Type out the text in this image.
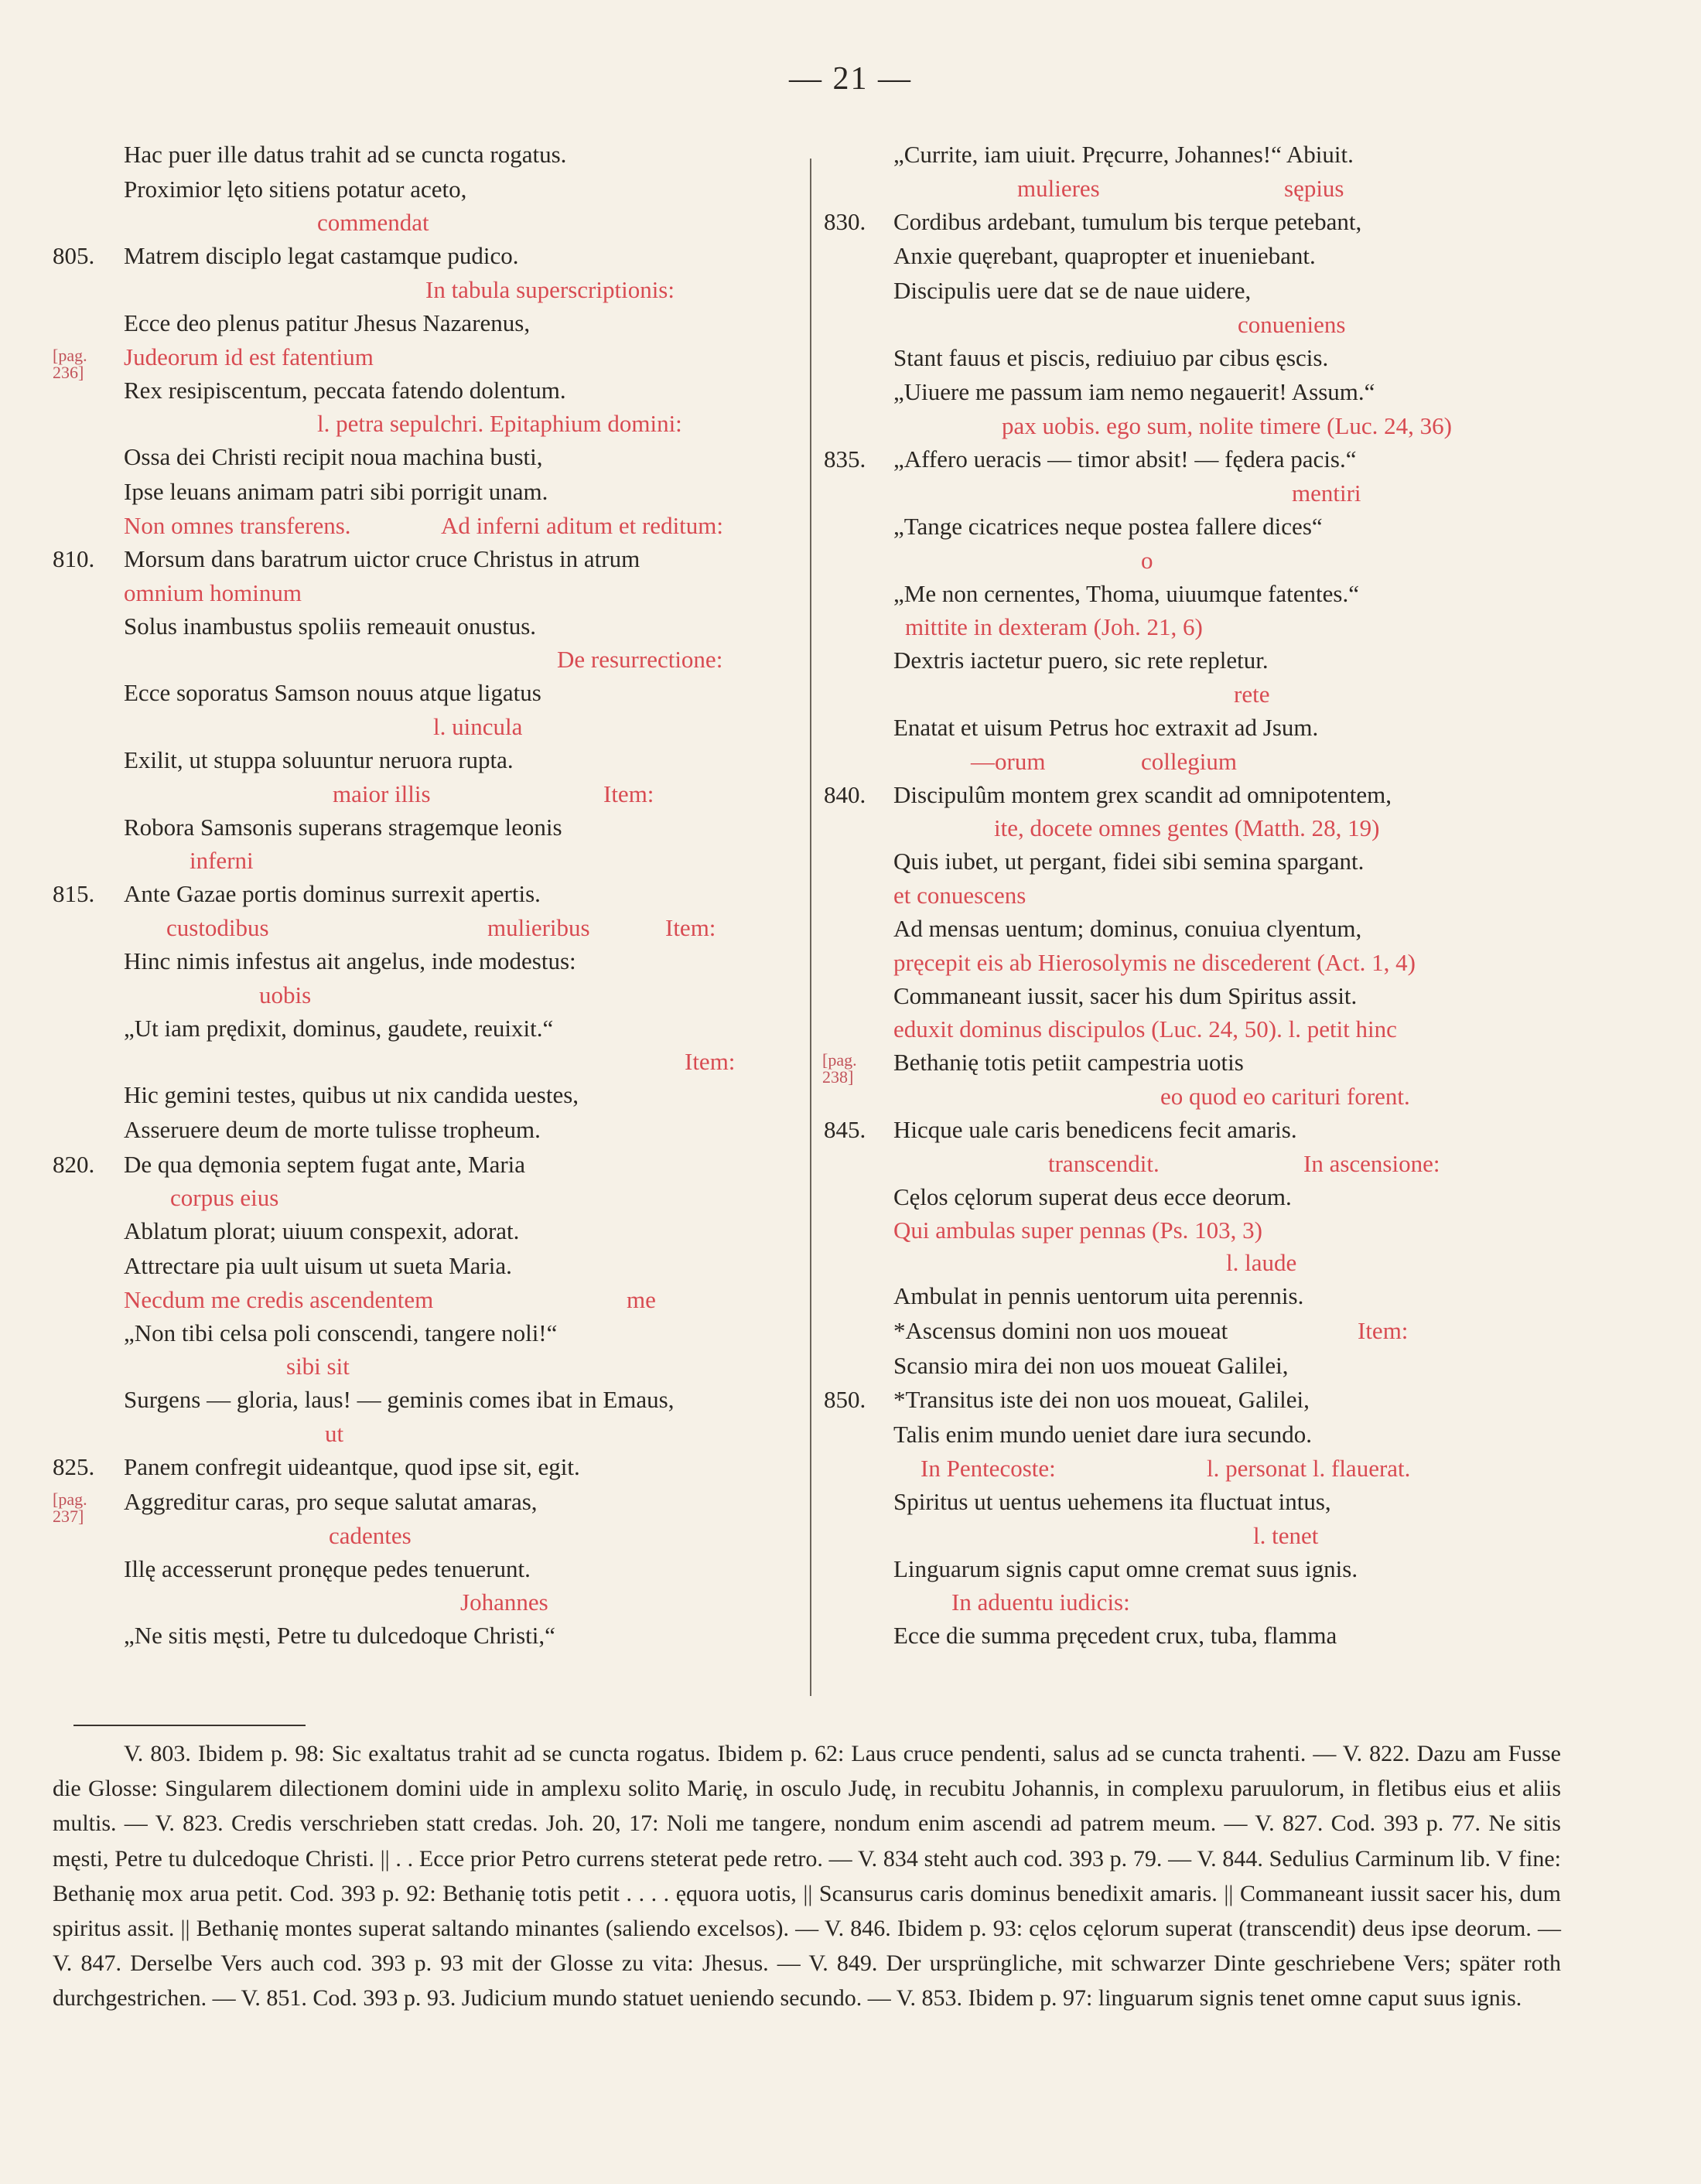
— 21 —
Hac puer ille datus trahit ad se cuncta rogatus.
Proximior lęto sitiens potatur aceto,
commendat
805.	Matrem disciplo legat castamque pudico.
In tabula superscriptionis:
Ecce deo plenus patitur Jhesus Nazarenus,
[pag.
236]
Judeorum id est fatentium
Rex resipiscentum, peccata fatendo dolentum.
l. petra sepulchri. Epitaphium domini:
Ossa dei Christi recipit noua machina busti,
Ipse leuans animam patri sibi porrigit unam.
Non omnes transferens.	Ad inferni aditum et reditum:
810.	Morsum dans baratrum uictor cruce Christus in atrum
omnium hominum
Solus inambustus spoliis remeauit onustus.
De resurrectione:
Ecce soporatus Samson nouus atque ligatus
l. uincula
Exilit, ut stuppa soluuntur neruora rupta.
maior illis	Item:
Robora Samsonis superans stragemque leonis
inferni
815.	Ante Gazae portis dominus surrexit apertis.
custodibus	mulieribus	Item:
Hinc nimis infestus ait angelus, inde modestus:
uobis
„Ut iam prędixit, dominus, gaudete, reuixit.“
Item:
Hic gemini testes, quibus ut nix candida uestes,
Asseruere deum de morte tulisse tropheum.
820.	De qua dęmonia septem fugat ante, Maria
corpus eius
Ablatum plorat; uiuum conspexit, adorat.
Attrectare pia uult uisum ut sueta Maria.
Necdum me credis ascendentem	me
„Non tibi celsa poli conscendi, tangere noli!“
sibi sit
Surgens — gloria, laus! — geminis comes ibat in Emaus,
ut
825.	Panem confregit uideantque, quod ipse sit, egit.
[pag.
237]
Aggreditur caras, pro seque salutat amaras,
cadentes
Illę accesserunt pronęque pedes tenuerunt.
Johannes
„Ne sitis męsti, Petre tu dulcedoque Christi,“
„Currite, iam uiuit. Pręcurre, Johannes!“ Abiuit.
mulieres	sępius
830.	Cordibus ardebant, tumulum bis terque petebant,
Anxie quęrebant, quapropter et inueniebant.
Discipulis uere dat se de naue uidere,
conueniens
Stant fauus et piscis, rediuiuo par cibus ęscis.
„Uiuere me passum iam nemo negauerit! Assum.“
pax uobis. ego sum, nolite timere (Luc. 24, 36)
835.	„Affero ueracis — timor absit! — fędera pacis.“
mentiri
„Tange cicatrices neque postea fallere dices“
o
„Me non cernentes, Thoma, uiuumque fatentes.“
mittite in dexteram (Joh. 21, 6)
Dextris iactetur puero, sic rete repletur.
rete
Enatat et uisum Petrus hoc extraxit ad Jsum.
—orum	collegium
840.	Discipulûm montem grex scandit ad omnipotentem,
ite, docete omnes gentes (Matth. 28, 19)
Quis iubet, ut pergant, fidei sibi semina spargant.
et conuescens
Ad mensas uentum; dominus, conuiua clyentum,
pręcepit eis ab Hierosolymis ne discederent (Act. 1, 4)
Commaneant iussit, sacer his dum Spiritus assit.
eduxit dominus discipulos (Luc. 24, 50). l. petit hinc
[pag.
238]
Bethanię totis petiit campestria uotis
eo quod eo carituri forent.
845.	Hicque uale caris benedicens fecit amaris.
transcendit.	In ascensione:
Cęlos cęlorum superat deus ecce deorum.
Qui ambulas super pennas (Ps. 103, 3)
l. laude
Ambulat in pennis uentorum uita perennis.
*Ascensus domini non uos moueat	Item:
Scansio mira dei non uos moueat Galilei,
850.	*Transitus iste dei non uos moueat, Galilei,
Talis enim mundo ueniet dare iura secundo.
In Pentecoste:	l. personat l. flauerat.
Spiritus ut uentus uehemens ita fluctuat intus,
l. tenet
Linguarum signis caput omne cremat suus ignis.
In aduentu iudicis:
Ecce die summa pręcedent crux, tuba, flamma

V. 803. Ibidem p. 98: Sic exaltatus trahit ad se cuncta rogatus. Ibidem p. 62: Laus cruce pendenti, salus ad se cuncta trahenti. — V. 822. Dazu am Fusse die Glosse: Singularem dilectionem domini uide in amplexu solito Marię, in osculo Judę, in recubitu Johannis, in complexu paruulorum, in fletibus eius et aliis multis. — V. 823. Credis verschrieben statt credas. Joh. 20, 17: Noli me tangere, nondum enim ascendi ad patrem meum. — V. 827. Cod. 393 p. 77. Ne sitis męsti, Petre tu dulcedoque Christi. || . . Ecce prior Petro currens steterat pede retro. — V. 834 steht auch cod. 393 p. 79. — V. 844. Sedulius Carminum lib. V fine: Bethanię mox arua petit. Cod. 393 p. 92: Bethanię totis petit . . . . ęquora uotis, || Scansurus caris dominus benedixit amaris. || Commaneant iussit sacer his, dum spiritus assit. || Bethanię montes superat saltando minantes (saliendo excelsos). — V. 846. Ibidem p. 93: cęlos cęlorum superat (transcendit) deus ipse deorum. — V. 847. Derselbe Vers auch cod. 393 p. 93 mit der Glosse zu vita: Jhesus. — V. 849. Der ursprüngliche, mit schwarzer Dinte geschriebene Vers; später roth durchgestrichen. — V. 851. Cod. 393 p. 93. Judicium mundo statuet ueniendo secundo. — V. 853. Ibidem p. 97: linguarum signis tenet omne caput suus ignis.
